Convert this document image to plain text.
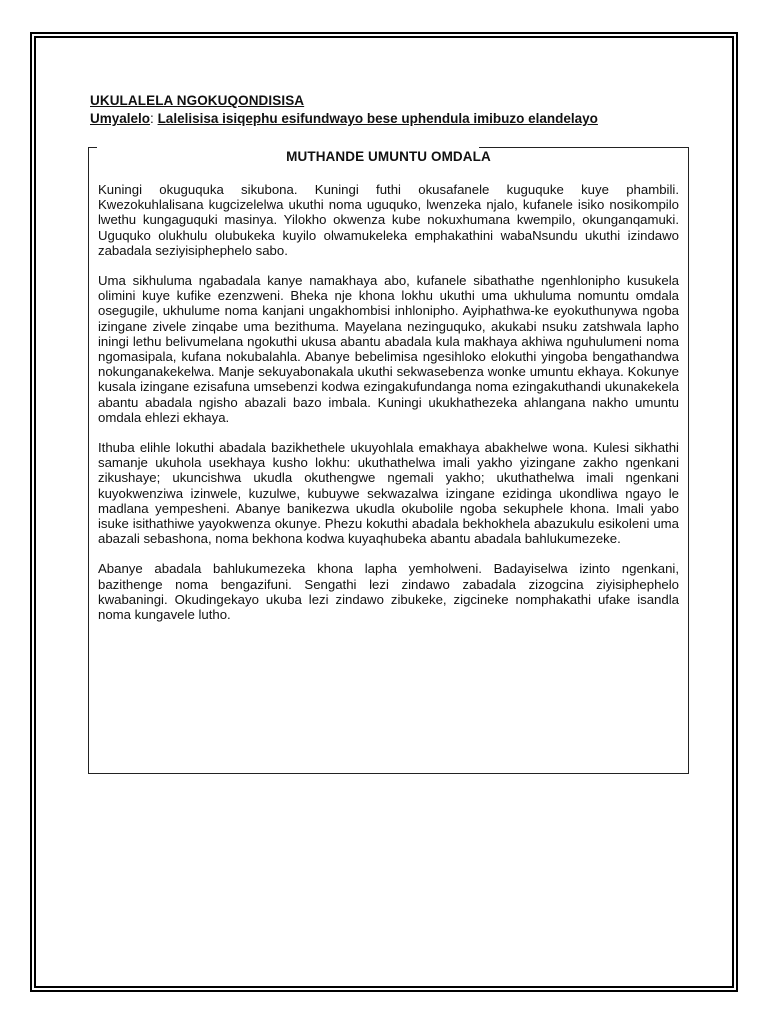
UKULALELA NGOKUQONDISISA
Umyalelo: Lalelisisa isiqephu esifundwayo bese uphendula imibuzo elandelayo
MUTHANDE UMUNTU OMDALA

Kuningi okuguquka sikubona. Kuningi futhi okusafanele kuguquke kuye phambili. Kwezokuhlalisana kugcizelelwa ukuthi noma uguquko, lwenzeka njalo, kufanele isiko nosikompilo lwethu kungaguquki masinya. Yilokho okwenza kube nokuxhumana kwempilo, okunganqamuki. Uguquko olukhulu olubukeka kuyilo olwamukeleka emphakathini wabaNsundu ukuthi izindawo zabadala seziyisiphephelo sabo.

Uma sikhuluma ngabadala kanye namakhaya abo, kufanele sibathathe ngenhlonipho kusukela olimini kuye kufike ezenzweni. Bheka nje khona lokhu ukuthi uma ukhuluma nomuntu omdala osegugile, ukhulume noma kanjani ungakhombisi inhlonipho. Ayiphathwa-ke eyokuthunywa ngoba izingane zivele zinqabe uma bezithuma. Mayelana nezinguquko, akukabi nsuku zatshwala lapho iningi lethu belivumelana ngokuthi ukusa abantu abadala kula makhaya akhiwa nguhulumeni noma ngomasipala, kufana nokubalahla. Abanye bebelimisa ngesihloko elokuthi yingoba bengathandwa nokunganakekelwa. Manje sekuyabonakala ukuthi sekwasebenza wonke umuntu ekhaya. Kokunye kusala izingane ezisafuna umsebenzi kodwa ezingakufundanga noma ezingakuthandi ukunakekela abantu abadala ngisho abazali bazo imbala. Kuningi ukukhathezeka ahlangana nakho umuntu omdala ehlezi ekhaya.

Ithuba elihle lokuthi abadala bazikhethele ukuyohlala emakhaya abakhelwe wona. Kulesi sikhathi samanje ukuhola usekhaya kusho lokhu: ukuthathelwa imali yakho yizingane zakho ngenkani zikushaye; ukuncishwa ukudla okuthengwe ngemali yakho; ukuthathelwa imali ngenkani kuyokwenziwa izinwele, kuzulwe, kubuywe sekwazalwa izingane ezidinga ukondliwa ngayo le madlana yempesheni. Abanye banikezwa ukudla okubolile ngoba sekuphele khona. Imali yabo isuke isithathiwe yayokwenza okunye. Phezu kokuthi abadala bekhokhela abazukulu esikoleni uma abazali sebashona, noma bekhona kodwa kuyaqhubeka abantu abadala bahlukumezeke.

Abanye abadala bahlukumezeka khona lapha yemholweni. Badayiselwa izinto ngenkani, bazithenge noma bengazifuni. Sengathi lezi zindawo zabadala zizogcina ziyisiphephelo kwabaningi. Okudingekayo ukuba lezi zindawo zibukeke, zigcineke nomphakathi ufake isandla noma kungavele lutho.
